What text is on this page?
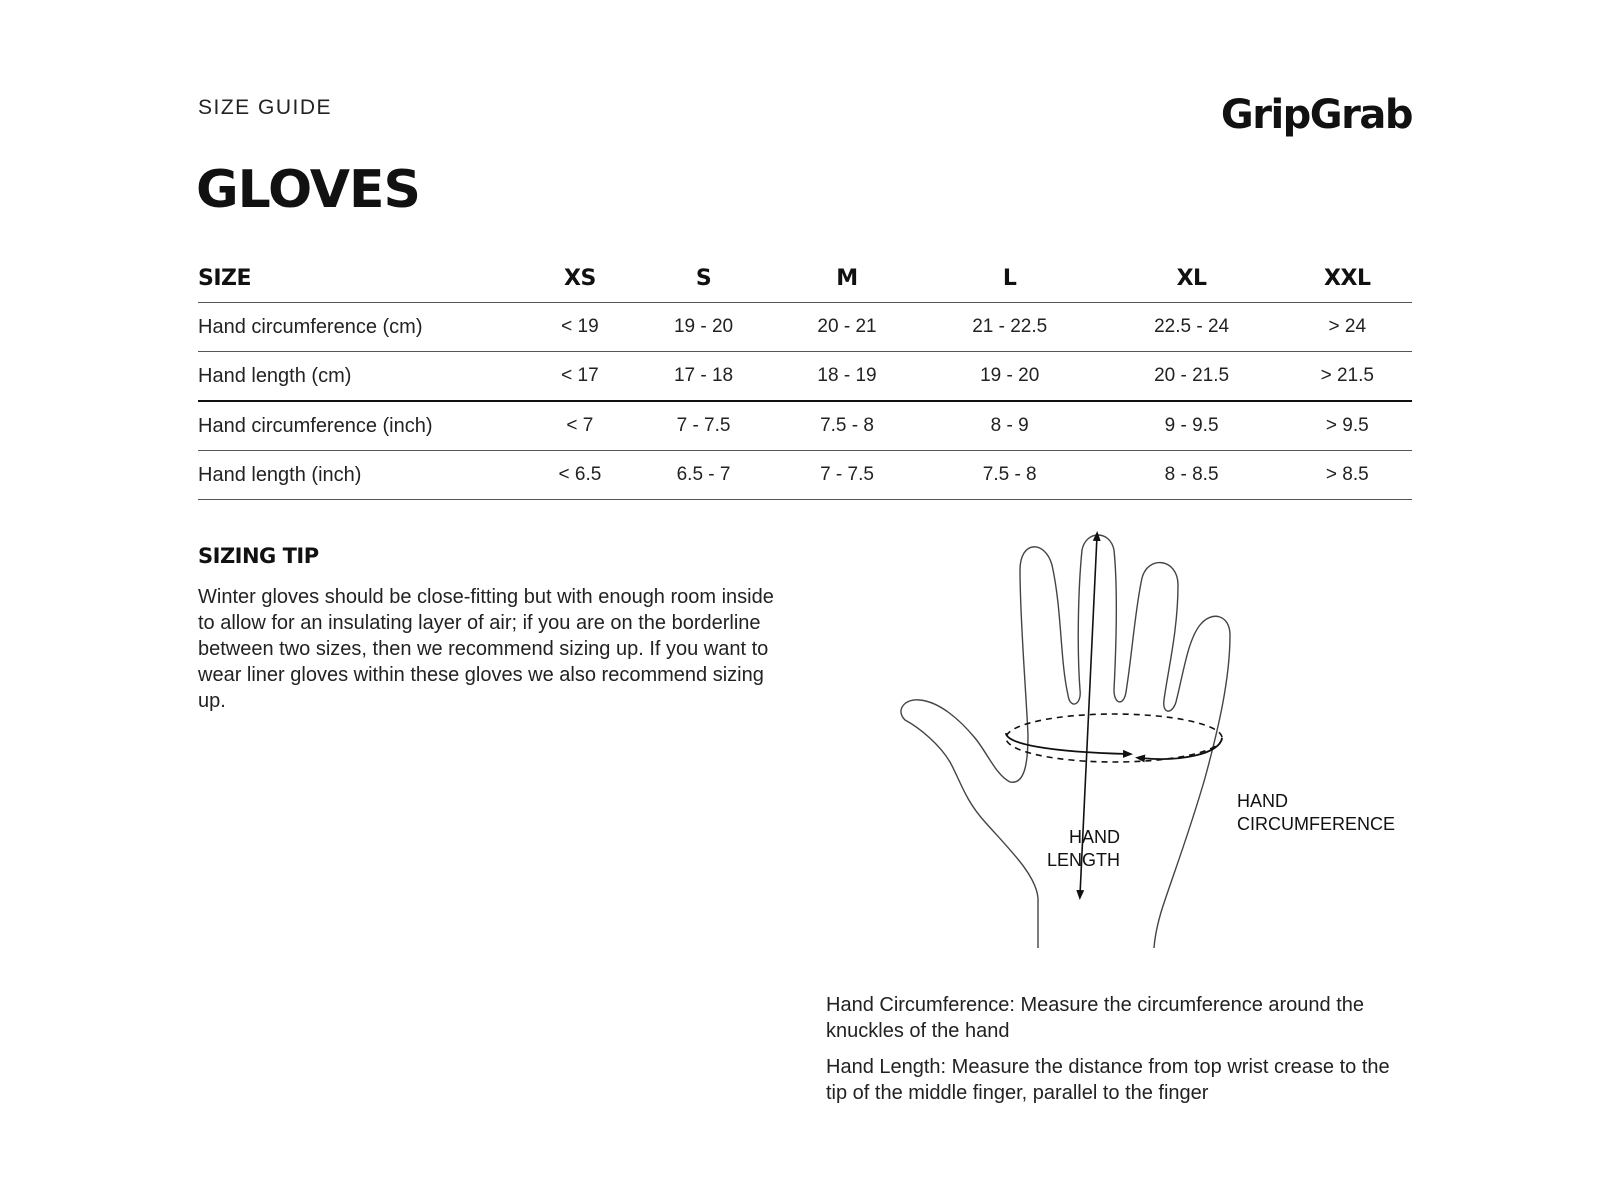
SIZE GUIDE	GripGrab
GLOVES
SIZE	XS	S	M	L	XL	XXL
Hand circumference (cm)	< 19	19 - 20	20 - 21	21 - 22.5	22.5 - 24	> 24
Hand length (cm)	< 17	17 - 18	18 - 19	19 - 20	20 - 21.5	> 21.5
Hand circumference (inch)	< 7	7 - 7.5	7.5 - 8	8 - 9	9 - 9.5	> 9.5
Hand length (inch)	< 6.5	6.5 - 7	7 - 7.5	7.5 - 8	8 - 8.5	> 8.5
SIZING TIP

Winter gloves should be close-fitting but with enough room inside to allow for an insulating layer of air; if you are on the borderline between two sizes, then we recommend sizing up. If you want to wear liner gloves within these gloves we also recommend sizing up.

HAND
LENGTH
HAND
CIRCUMFERENCE

Hand Circumference: Measure the circumference around the knuckles of the hand

Hand Length: Measure the distance from top wrist crease to the tip of the middle finger, parallel to the finger
